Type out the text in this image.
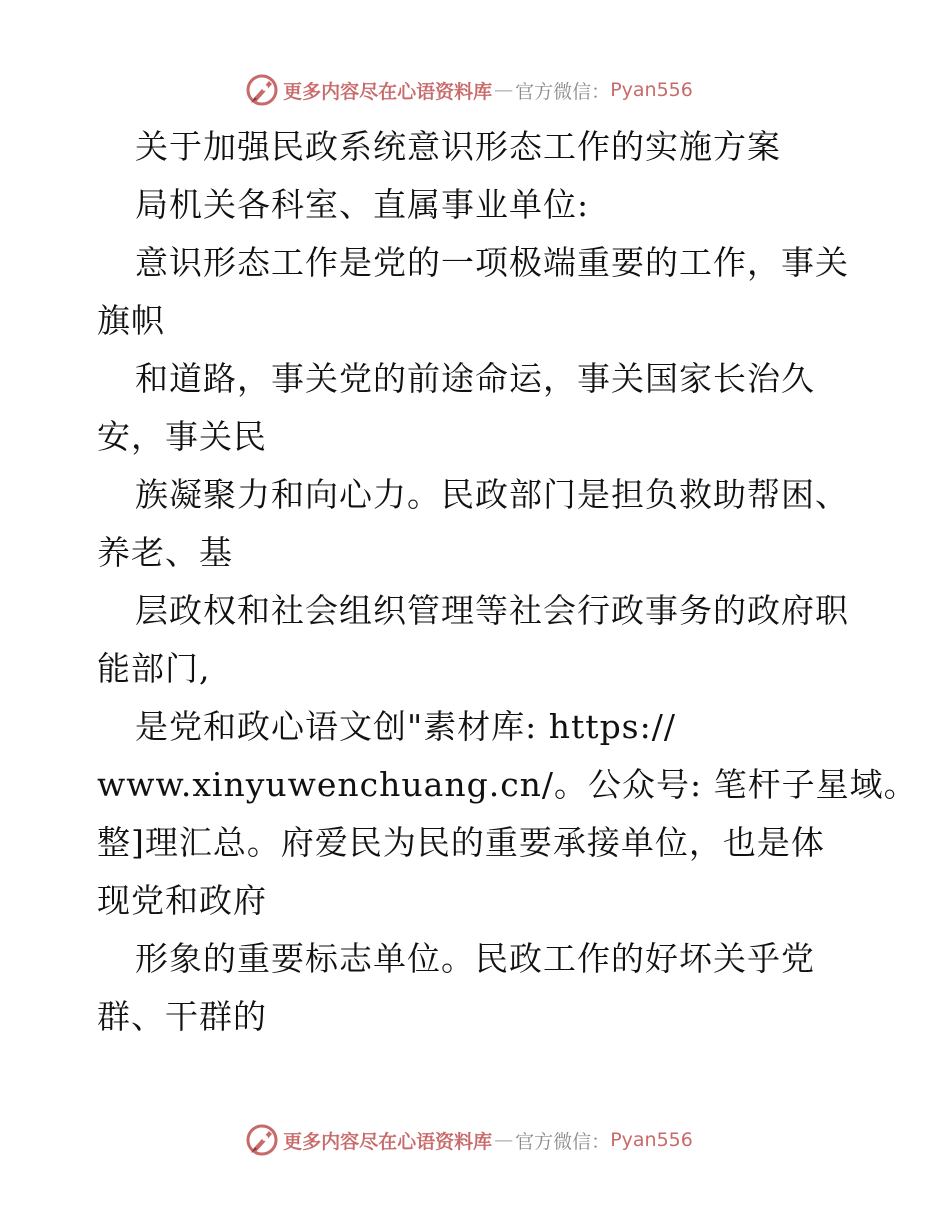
更多内容尽在心语资料库 — 官方微信： Pyan556
关于加强民政系统意识形态工作的实施方案
局机关各科室、直属事业单位:
意识形态工作是党的一项极端重要的工作，事关
旗帜
和道路，事关党的前途命运，事关国家长治久
安，事关民
族凝聚力和向心力。民政部门是担负救助帮困、
养老、基
层政权和社会组织管理等社会行政事务的政府职
能部门,
是党和政心语文创"素材库: https://
www.xinyuwenchuang.cn/。公众号: 笔杆子星域。
整]理汇总。府爱民为民的重要承接单位，也是体
现党和政府
形象的重要标志单位。民政工作的好坏关乎党
群、干群的
更多内容尽在心语资料库 — 官方微信： Pyan556
